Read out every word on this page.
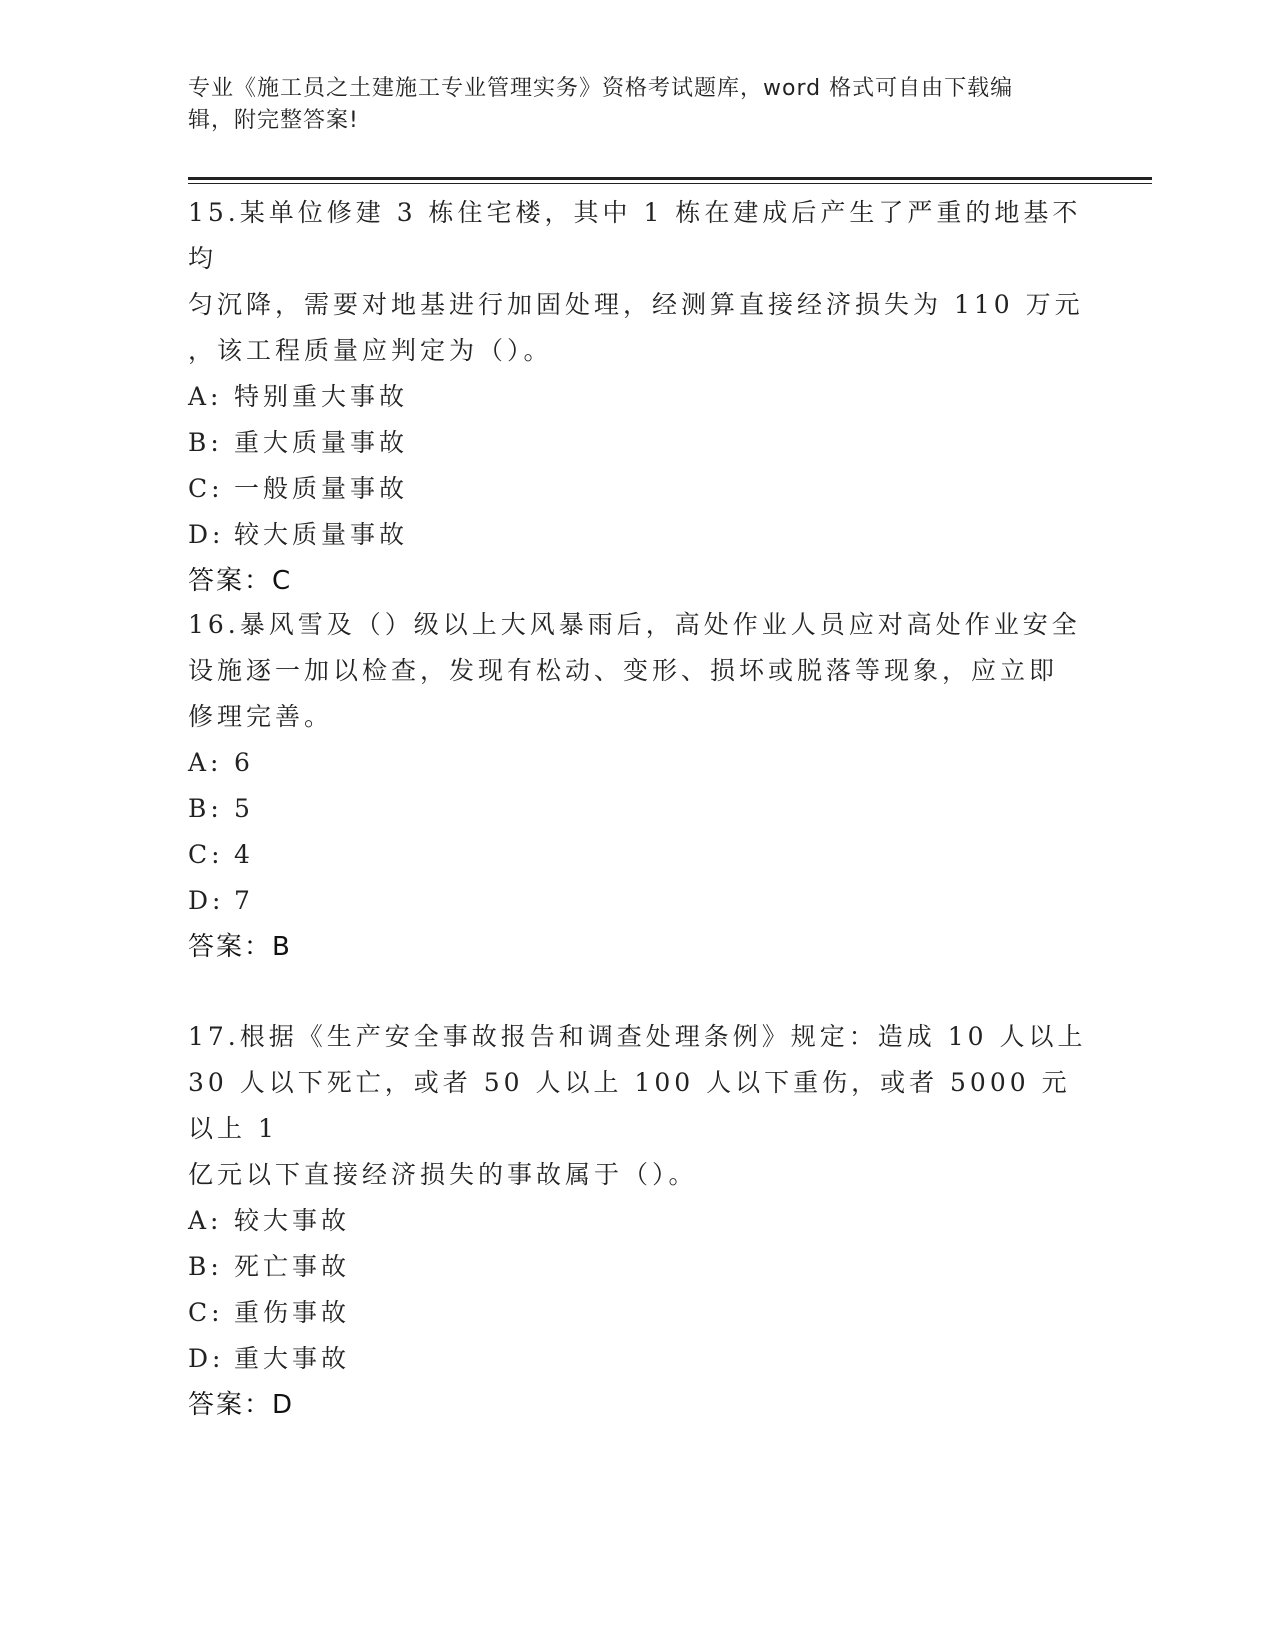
专业《施工员之土建施工专业管理实务》资格考试题库，word 格式可自由下载编
辑，附完整答案!
15.某单位修建 3 栋住宅楼，其中 1 栋在建成后产生了严重的地基不均
匀沉降，需要对地基进行加固处理，经测算直接经济损失为 110 万元
，该工程质量应判定为（）。
A: 特别重大事故
B: 重大质量事故
C: 一般质量事故
D: 较大质量事故
答案：C
16.暴风雪及（）级以上大风暴雨后，高处作业人员应对高处作业安全
设施逐一加以检查，发现有松动、变形、损坏或脱落等现象，应立即
修理完善。
A: 6
B: 5
C: 4
D: 7
答案：B
17.根据《生产安全事故报告和调查处理条例》规定：造成 10 人以上
30 人以下死亡，或者 50 人以上 100 人以下重伤，或者 5000 元以上 1
亿元以下直接经济损失的事故属于（）。
A: 较大事故
B: 死亡事故
C: 重伤事故
D: 重大事故
答案：D
